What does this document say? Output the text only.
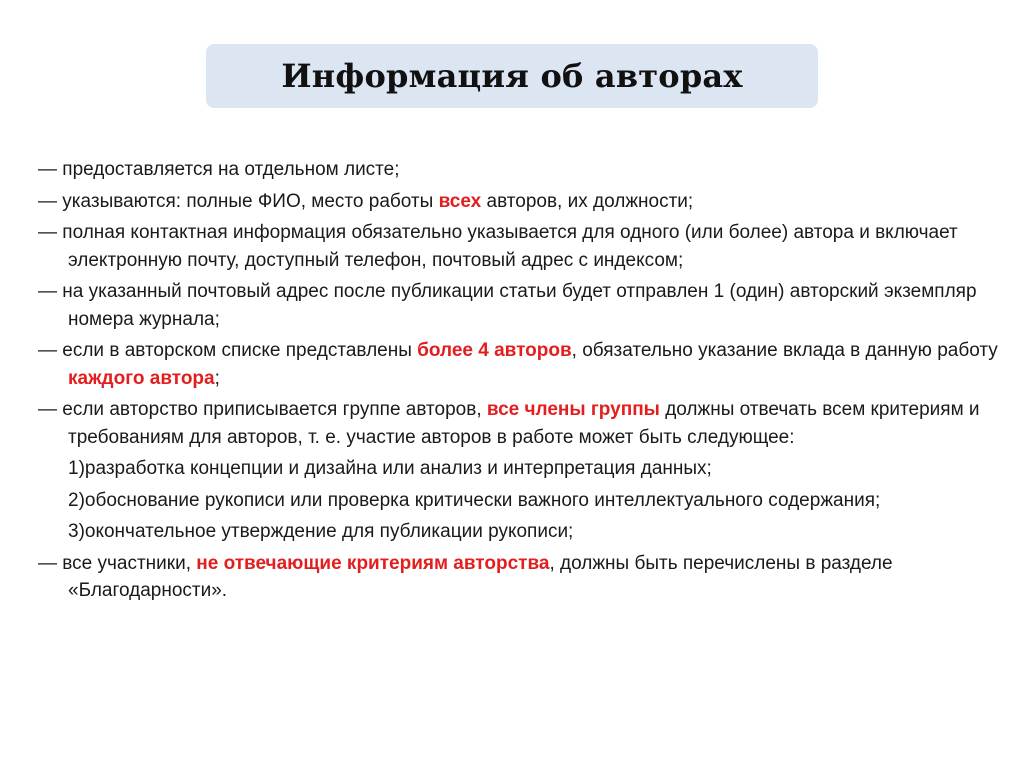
Информация об авторах

— предоставляется на отдельном листе;

— указываются: полные ФИО, место работы всех авторов, их должности;

— полная контактная информация обязательно указывается для одного (или более) автора и включает электронную почту, доступный телефон, почтовый адрес с индексом;

— на указанный почтовый адрес после публикации статьи будет отправлен 1 (один) авторский экземпляр номера журнала;

— если в авторском списке представлены более 4 авторов, обязательно указание вклада в данную работу каждого автора;

— если авторство приписывается группе авторов, все члены группы должны отвечать всем критериям и требованиям для авторов, т. е. участие авторов в работе может быть следующее:

1)разработка концепции и дизайна или анализ и интерпретация данных;

2)обоснование рукописи или проверка критически важного интеллектуального содержания;

3)окончательное утверждение для публикации рукописи;

— все участники, не отвечающие критериям авторства, должны быть перечислены в разделе «Благодарности».
